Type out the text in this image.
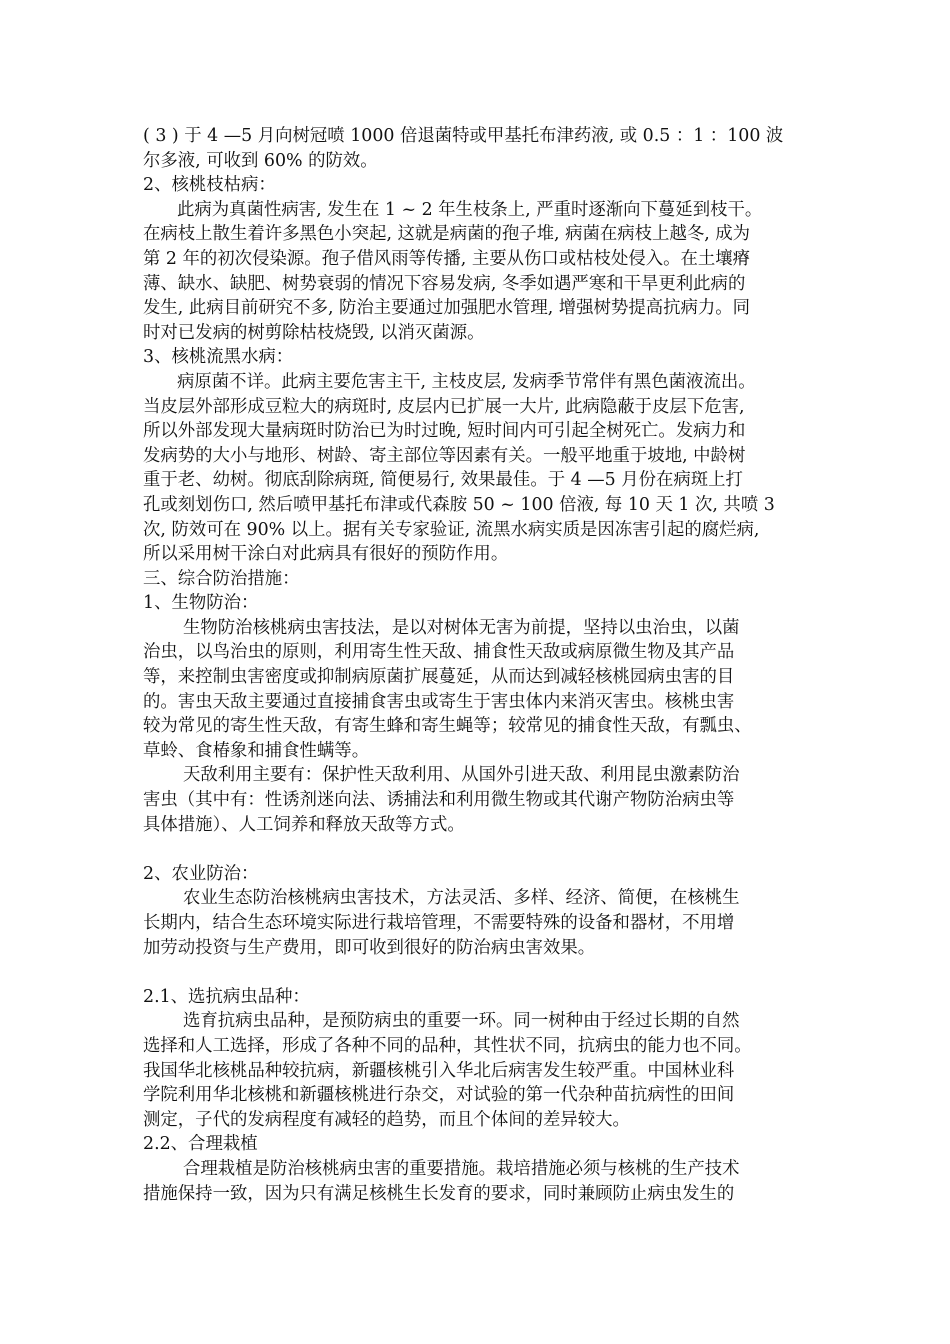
( 3 ) 于 4 —5 月向树冠喷 1000 倍退菌特或甲基托布津药液, 或 0.5 ：1 ：100 波
尔多液, 可收到 60% 的防效。
2、核桃枝枯病：
此病为真菌性病害, 发生在 1 ~ 2 年生枝条上, 严重时逐渐向下蔓延到枝干。
在病枝上散生着许多黑色小突起, 这就是病菌的孢子堆, 病菌在病枝上越冬, 成为
第 2 年的初次侵染源。孢子借风雨等传播, 主要从伤口或枯枝处侵入。在土壤瘠
薄、缺水、缺肥、树势衰弱的情况下容易发病, 冬季如遇严寒和干旱更利此病的
发生, 此病目前研究不多, 防治主要通过加强肥水管理, 增强树势提高抗病力。同
时对已发病的树剪除枯枝烧毁, 以消灭菌源。
3、核桃流黑水病：
病原菌不详。此病主要危害主干, 主枝皮层, 发病季节常伴有黑色菌液流出。
当皮层外部形成豆粒大的病斑时, 皮层内已扩展一大片, 此病隐蔽于皮层下危害,
所以外部发现大量病斑时防治已为时过晚, 短时间内可引起全树死亡。发病力和
发病势的大小与地形、树龄、寄主部位等因素有关。一般平地重于坡地, 中龄树
重于老、幼树。彻底刮除病斑, 简便易行, 效果最佳。于 4 —5 月份在病斑上打
孔或刻划伤口, 然后喷甲基托布津或代森胺 50 ~ 100 倍液, 每 10 天 1 次, 共喷 3
次, 防效可在 90% 以上。据有关专家验证, 流黑水病实质是因冻害引起的腐烂病,
所以采用树干涂白对此病具有很好的预防作用。
三、综合防治措施：
1、生物防治：
生物防治核桃病虫害技法，是以对树体无害为前提，坚持以虫治虫，以菌
治虫，以鸟治虫的原则，利用寄生性天敌、捕食性天敌或病原微生物及其产品
等，来控制虫害密度或抑制病原菌扩展蔓延，从而达到减轻核桃园病虫害的目
的。害虫天敌主要通过直接捕食害虫或寄生于害虫体内来消灭害虫。核桃虫害
较为常见的寄生性天敌，有寄生蜂和寄生蝇等；较常见的捕食性天敌，有瓢虫、
草蛉、食椿象和捕食性螨等。
天敌利用主要有：保护性天敌利用、从国外引进天敌、利用昆虫激素防治
害虫（其中有：性诱剂迷向法、诱捕法和利用微生物或其代谢产物防治病虫等
具体措施）、人工饲养和释放天敌等方式。
2、农业防治：
农业生态防治核桃病虫害技术，方法灵活、多样、经济、简便，在核桃生
长期内，结合生态环境实际进行栽培管理，不需要特殊的设备和器材，不用增
加劳动投资与生产费用，即可收到很好的防治病虫害效果。
2.1、选抗病虫品种：
选育抗病虫品种，是预防病虫的重要一环。同一树种由于经过长期的自然
选择和人工选择，形成了各种不同的品种，其性状不同，抗病虫的能力也不同。
我国华北核桃品种较抗病，新疆核桃引入华北后病害发生较严重。中国林业科
学院利用华北核桃和新疆核桃进行杂交，对试验的第一代杂种苗抗病性的田间
测定，子代的发病程度有减轻的趋势，而且个体间的差异较大。
2.2、合理栽植
合理栽植是防治核桃病虫害的重要措施。栽培措施必须与核桃的生产技术
措施保持一致，因为只有满足核桃生长发育的要求，同时兼顾防止病虫发生的
